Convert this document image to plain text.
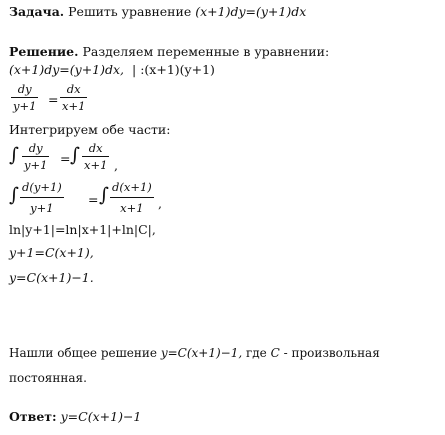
Задача. Решить уравнение (x+1)dy=(y+1)dx
Решение. Разделяем переменные в уравнении:
(x+1)dy=(y+1)dx, | :(x+1)(y+1)
dy
y+1 =
dx
x+1
Интегрируем обе части:
∫ dy
y+1 = ∫ dx
x+1 ,
∫ d(y+1)
y+1
= ∫ d(x+1)
x+1	,
ln|y+1|=ln|x+1|+ln|C|,
y+1=C(x+1),
y=C(x+1)−1.
Нашли общее решение y=C(x+1)−1, где C - произвольная
постоянная.
Ответ: y=C(x+1)−1
